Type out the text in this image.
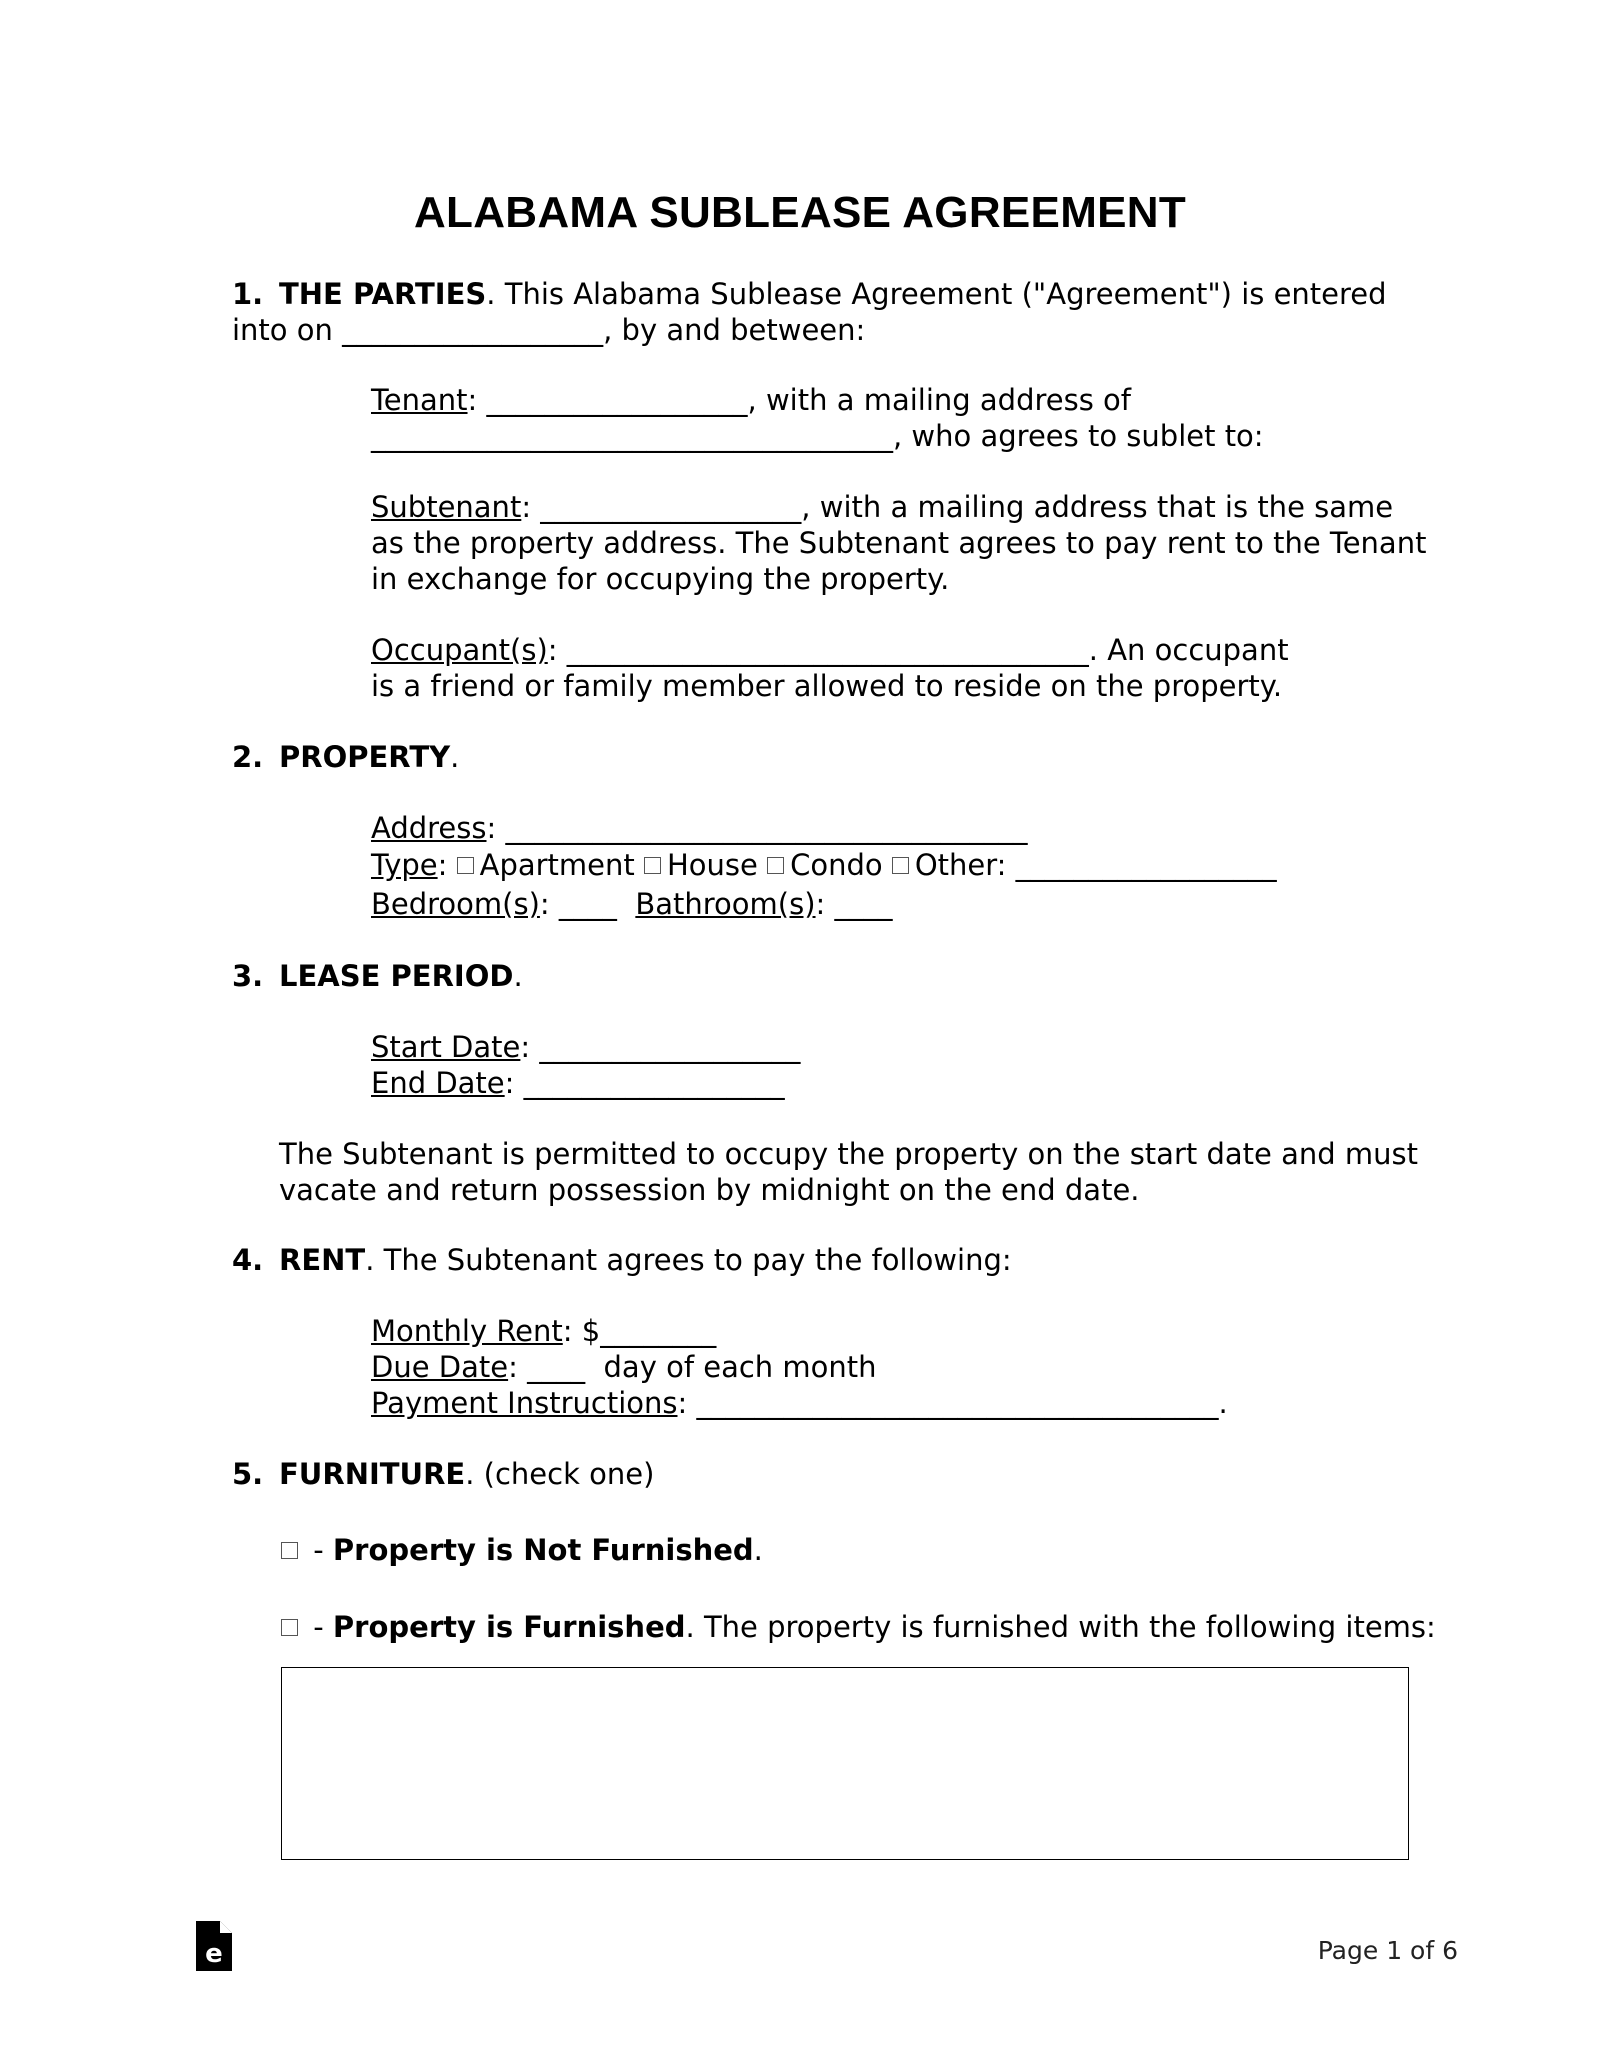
ALABAMA SUBLEASE AGREEMENT
1. THE PARTIES. This Alabama Sublease Agreement ("Agreement") is entered
into on __________________, by and between:
Tenant: __________________, with a mailing address of
____________________________________, who agrees to sublet to:
Subtenant: __________________, with a mailing address that is the same
as the property address. The Subtenant agrees to pay rent to the Tenant
in exchange for occupying the property.
Occupant(s): ____________________________________. An occupant
is a friend or family member allowed to reside on the property.
2. PROPERTY.
Address: ____________________________________
Type: Apartment House Condo Other: __________________
Bedroom(s): ____ Bathroom(s): ____
3. LEASE PERIOD.
Start Date: __________________
End Date: __________________
The Subtenant is permitted to occupy the property on the start date and must
vacate and return possession by midnight on the end date.
4. RENT. The Subtenant agrees to pay the following:
Monthly Rent: $________
Due Date: ____  day of each month
Payment Instructions: ____________________________________.
5. FURNITURE. (check one)
- Property is Not Furnished.
- Property is Furnished. The property is furnished with the following items:
e	Page 1 of 6
